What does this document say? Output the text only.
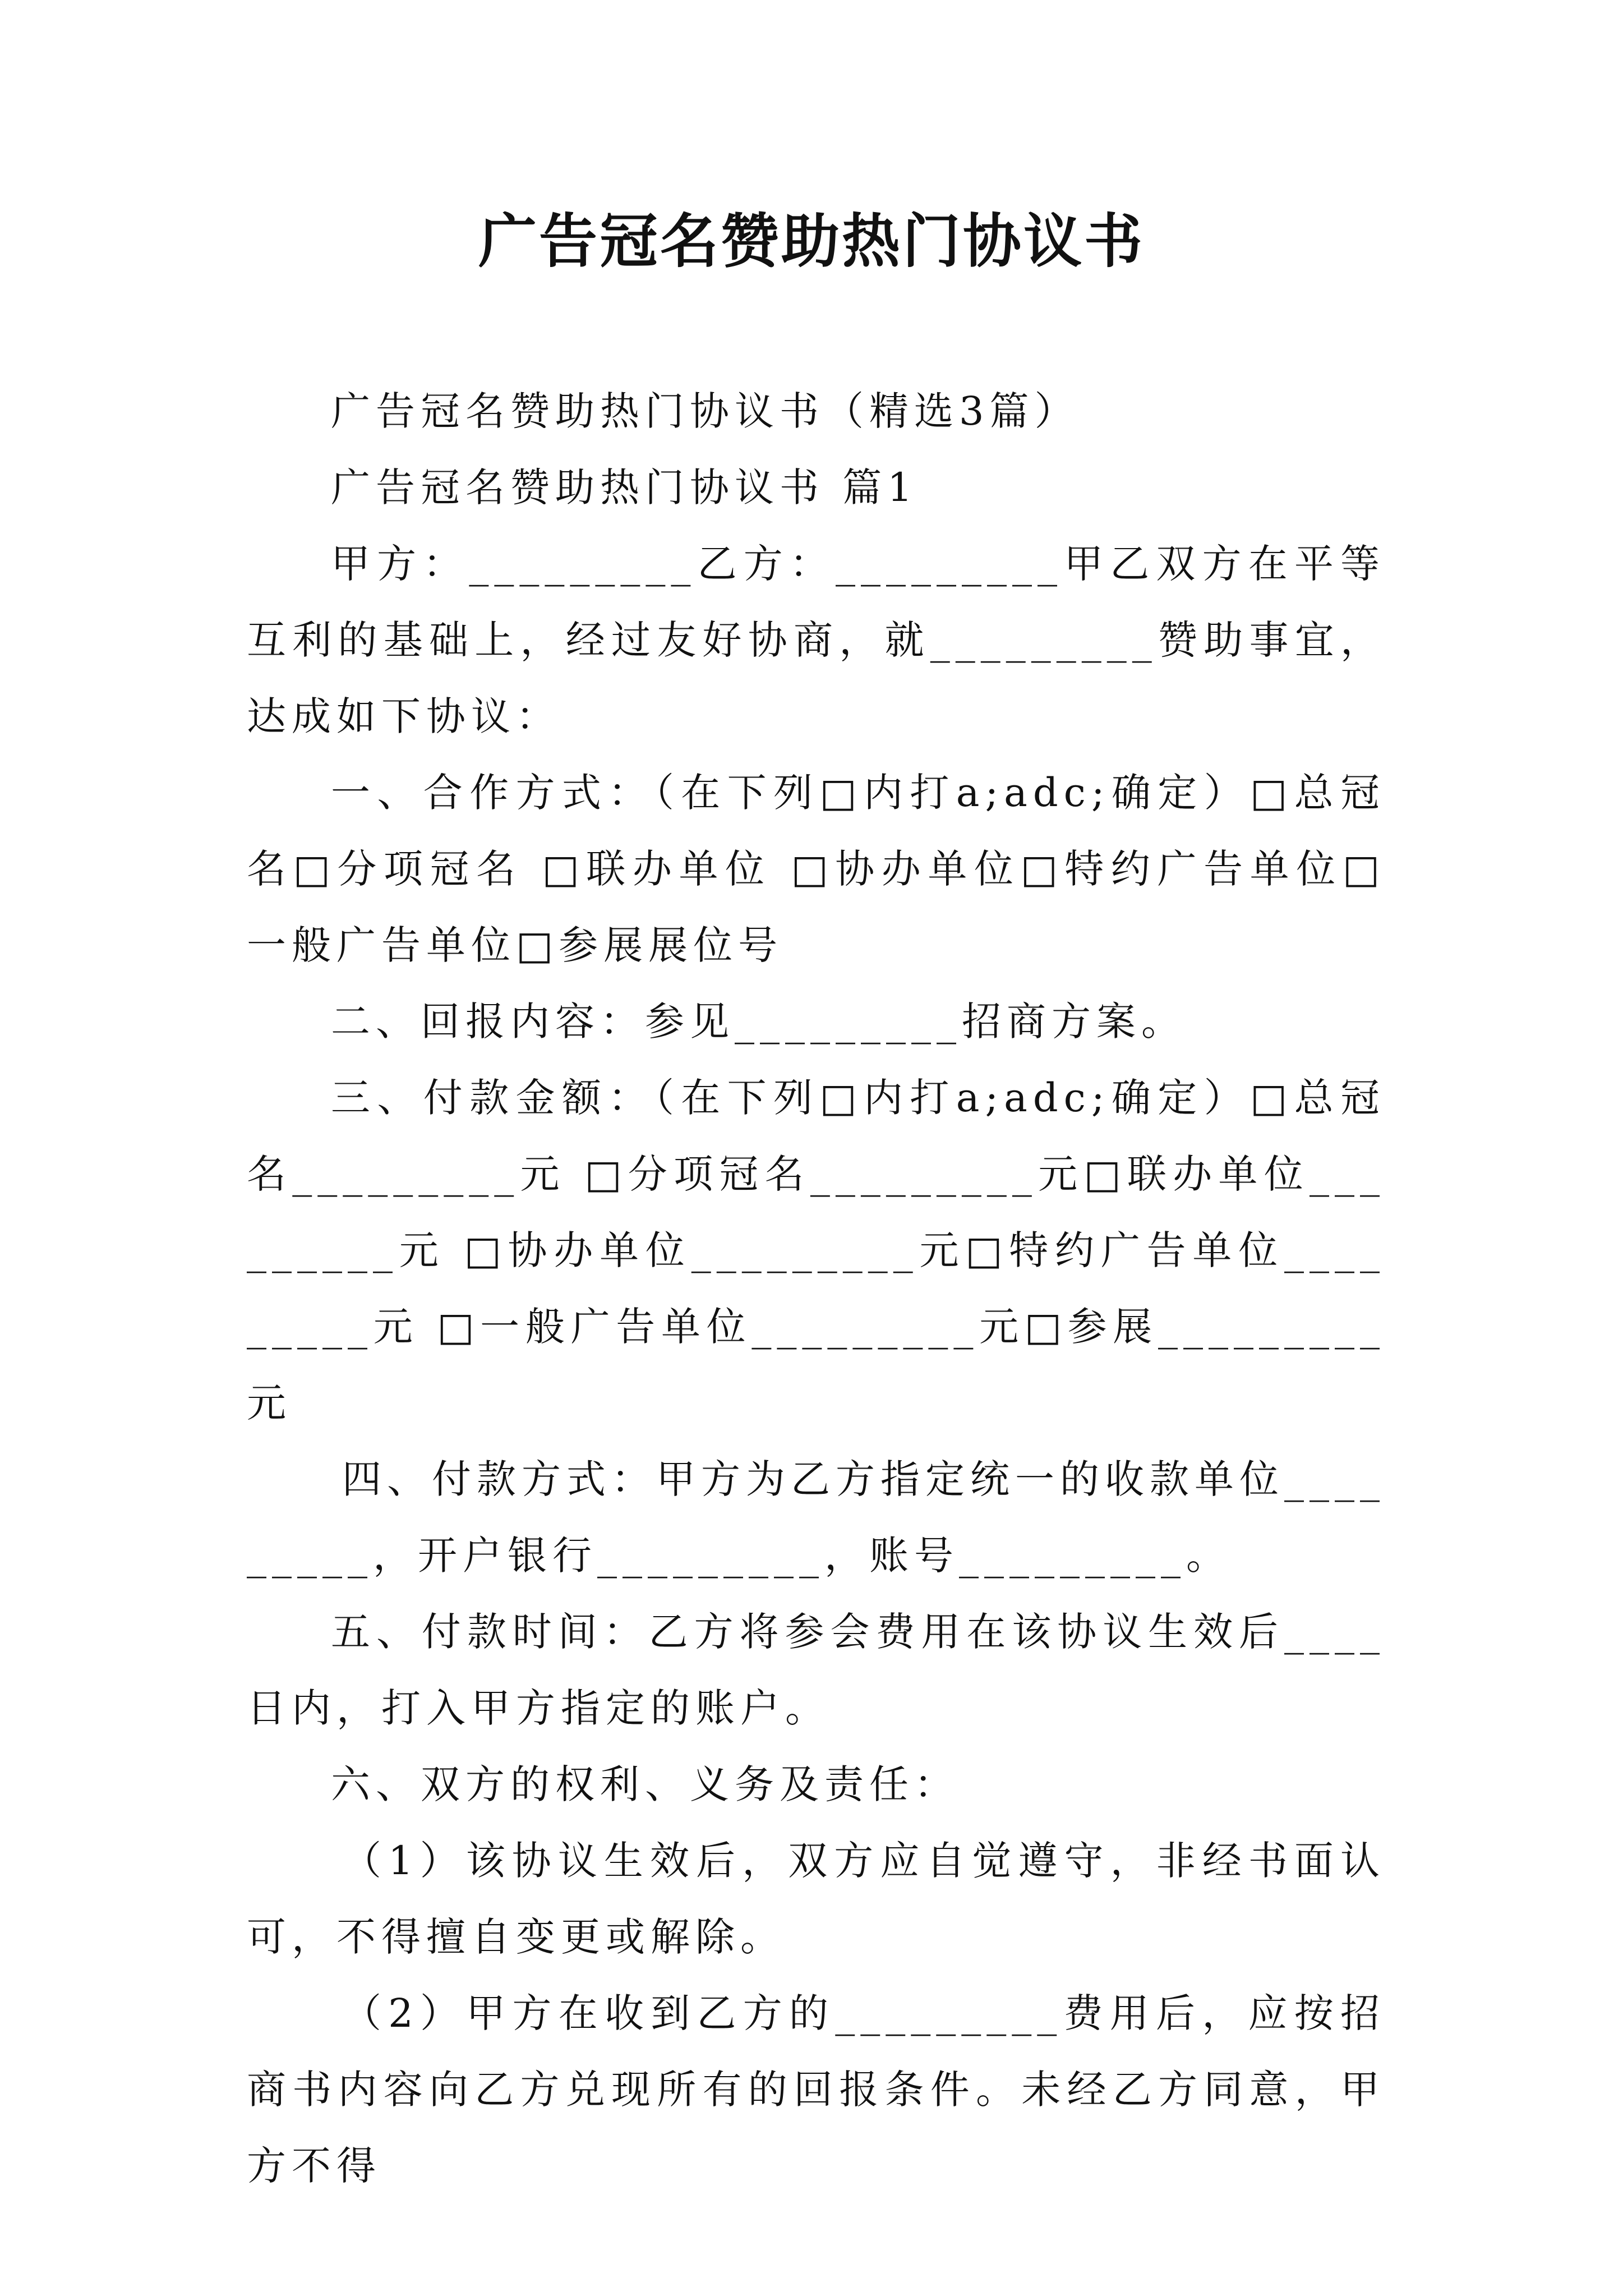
广告冠名赞助热门协议书

广告冠名赞助热门协议书（精选3篇）

广告冠名赞助热门协议书 篇1

甲方：_________乙方：_________甲乙双方在平等互利的基础上，经过友好协商，就_________赞助事宜，达成如下协议：

一、合作方式：（在下列□内打a;adc;确定）□总冠名□分项冠名 □联办单位 □协办单位□特约广告单位□一般广告单位□参展展位号

二、回报内容：参见_________招商方案。

三、付款金额：（在下列□内打a;adc;确定）□总冠名_________元 □分项冠名_________元□联办单位_________元 □协办单位_________元□特约广告单位_________元 □一般广告单位_________元□参展_________元

四、付款方式：甲方为乙方指定统一的收款单位_________，开户银行_________，账号_________。

五、付款时间：乙方将参会费用在该协议生效后____日内，打入甲方指定的账户。

六、双方的权利、义务及责任：

（1）该协议生效后，双方应自觉遵守，非经书面认可，不得擅自变更或解除。

（2）甲方在收到乙方的_________费用后，应按招商书内容向乙方兑现所有的回报条件。未经乙方同意，甲方不得
